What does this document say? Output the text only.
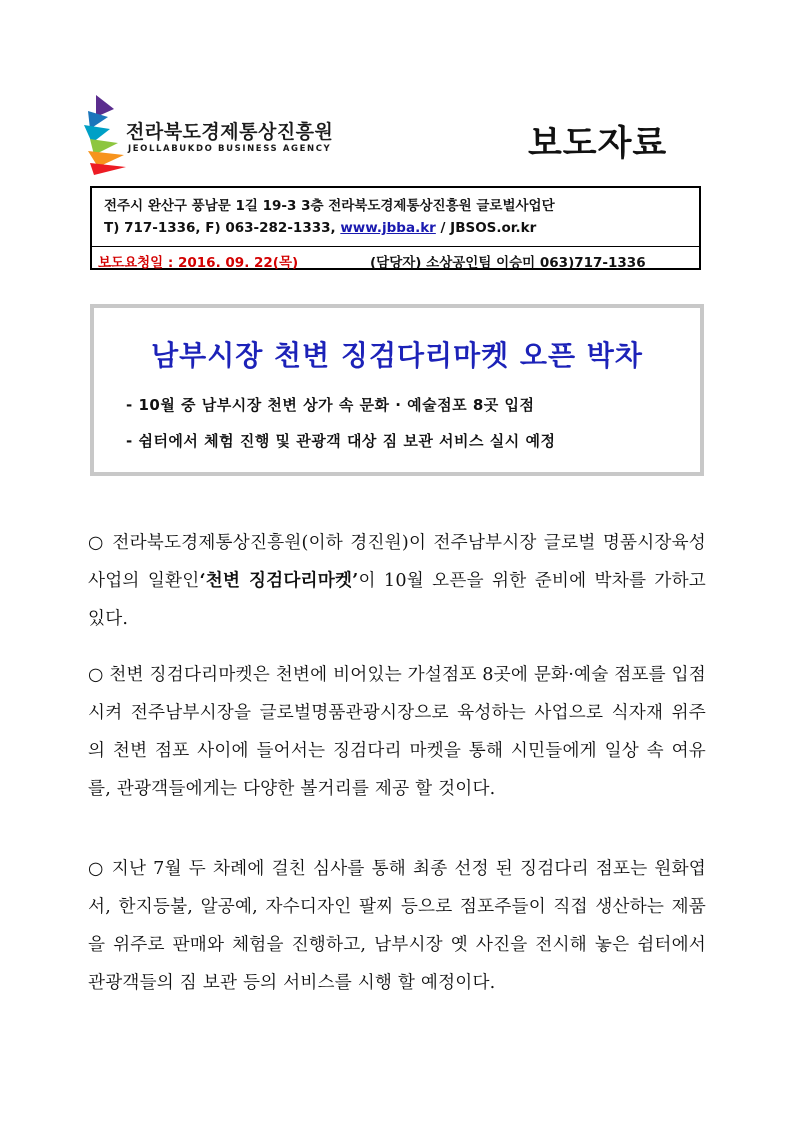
전라북도경제통상진흥원
JEOLLABUKDO BUSINESS AGENCY	보도자료
전주시 완산구 풍남문 1길 19-3 3층 전라북도경제통상진흥원 글로벌사업단
T) 717-1336, F) 063-282-1333, www.jbba.kr / JBSOS.or.kr
보도요청일 : 2016. 09. 22(목)	(담당자) 소상공인팀 이승미 063)717-1336
남부시장 천변 징검다리마켓 오픈 박차
- 10월 중 남부시장 천변 상가 속 문화 · 예술점포 8곳 입점
- 쉼터에서 체험 진행 및 관광객 대상 짐 보관 서비스 실시 예정
○ 전라북도경제통상진흥원(이하 경진원)이 전주남부시장 글로벌 명품시장육성사업의 일환인‘천변 징검다리마켓’이 10월 오픈을 위한 준비에 박차를 가하고 있다.
○ 천변 징검다리마켓은 천변에 비어있는 가설점포 8곳에 문화·예술 점포를 입점시켜 전주남부시장을 글로벌명품관광시장으로 육성하는 사업으로 식자재 위주의 천변 점포 사이에 들어서는 징검다리 마켓을 통해 시민들에게 일상 속 여유를, 관광객들에게는 다양한 볼거리를 제공 할 것이다.
○ 지난 7월 두 차례에 걸친 심사를 통해 최종 선정 된 징검다리 점포는 원화엽서, 한지등불, 알공예, 자수디자인 팔찌 등으로 점포주들이 직접 생산하는 제품을 위주로 판매와 체험을 진행하고, 남부시장 옛 사진을 전시해 놓은 쉼터에서 관광객들의 짐 보관 등의 서비스를 시행 할 예정이다.
